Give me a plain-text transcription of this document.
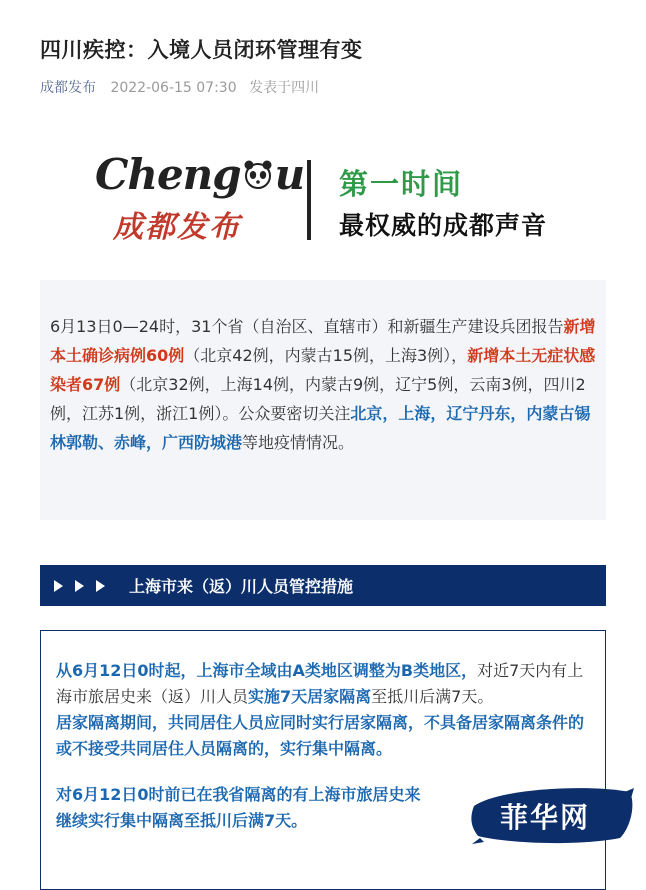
四川疾控：入境人员闭环管理有变
成都发布 2022-06-15 07:30 发表于四川
Cheng u
成都发布
第一时间
最权威的成都声音
6月13日0—24时，31个省（自治区、直辖市）和新疆生产建设兵团报告新增本土确诊病例60例（北京42例，内蒙古15例，上海3例），新增本土无症状感染者67例（北京32例，上海14例，内蒙古9例，辽宁5例，云南3例，四川2例，江苏1例，浙江1例）。公众要密切关注北京，上海，辽宁丹东，内蒙古锡林郭勒、赤峰，广西防城港等地疫情情况。
上海市来（返）川人员管控措施

从6月12日0时起，上海市全域由A类地区调整为B类地区，对近7天内有上海市旅居史来（返）川人员实施7天居家隔离至抵川后满7天。

居家隔离期间，共同居住人员应同时实行居家隔离，不具备居家隔离条件的或不接受共同居住人员隔离的，实行集中隔离。

对6月12日0时前已在我省隔离的有上海市旅居史来

继续实行集中隔离至抵川后满7天。	菲华网
